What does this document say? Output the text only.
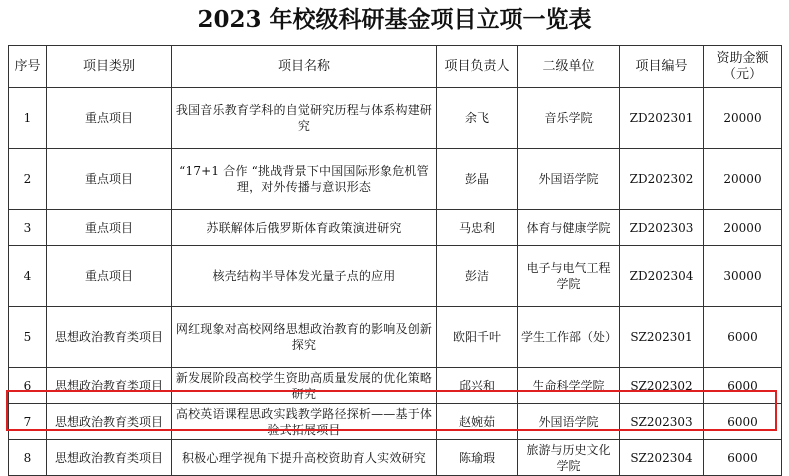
2023 年校级科研基金项目立项一览表
序号	项目类别	项目名称	项目负责人	二级单位	项目编号	资助金额（元）
1	重点项目	我国音乐教育学科的自觉研究历程与体系构建研究	余飞	音乐学院	ZD202301	20000
2	重点项目	“17+1 合作 “挑战背景下中国国际形象危机管理，对外传播与意识形态	彭晶	外国语学院	ZD202302	20000
3	重点项目	苏联解体后俄罗斯体育政策演进研究	马忠利	体育与健康学院	ZD202303	20000
4	重点项目	核壳结构半导体发光量子点的应用	彭洁	电子与电气工程学院	ZD202304	30000
5	思想政治教育类项目	网红现象对高校网络思想政治教育的影响及创新探究	欧阳千叶	学生工作部（处）	SZ202301	6000
6	思想政治教育类项目	新发展阶段高校学生资助高质量发展的优化策略研究	邱兴和	生命科学学院	SZ202302	6000
7	思想政治教育类项目	高校英语课程思政实践教学路径探析——基于体验式拓展项目	赵婉茹	外国语学院	SZ202303	6000
8	思想政治教育类项目	积极心理学视角下提升高校资助育人实效研究	陈瑜瑕	旅游与历史文化学院	SZ202304	6000
